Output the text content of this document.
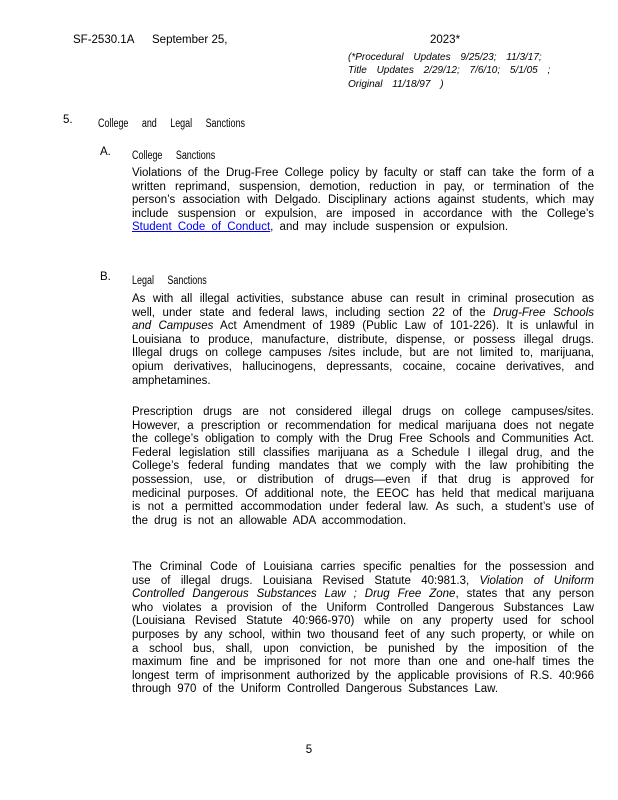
SF-2530.1A September 25,	2023*
(*Procedural Updates 9/25/23; 11/3/17;
Title Updates 2/29/12; 7/6/10; 5/1/05 ;
Original 11/18/97 )
5. College and Legal Sanctions
A. College Sanctions
Violations of the Drug-Free College policy by faculty or staff can take the form of a written reprimand, suspension, demotion, reduction in pay, or termination of the person’s association with Delgado. Disciplinary actions against students, which may include suspension or expulsion, are imposed in accordance with the College’s Student Code of Conduct, and may include suspension or expulsion.
B. Legal Sanctions
As with all illegal activities, substance abuse can result in criminal prosecution as well, under state and federal laws, including section 22 of the Drug-Free Schools and Campuses Act Amendment of 1989 (Public Law of 101-226). It is unlawful in Louisiana to produce, manufacture, distribute, dispense, or possess illegal drugs. Illegal drugs on college campuses /sites include, but are not limited to, marijuana, opium derivatives, hallucinogens, depressants, cocaine, cocaine derivatives, and amphetamines.
Prescription drugs are not considered illegal drugs on college campuses/sites. However, a prescription or recommendation for medical marijuana does not negate the college’s obligation to comply with the Drug Free Schools and Communities Act. Federal legislation still classifies marijuana as a Schedule I illegal drug, and the College’s federal funding mandates that we comply with the law prohibiting the possession, use, or distribution of drugs—even if that drug is approved for medicinal purposes. Of additional note, the EEOC has held that medical marijuana is not a permitted accommodation under federal law. As such, a student’s use of the drug is not an allowable ADA accommodation.
The Criminal Code of Louisiana carries specific penalties for the possession and use of illegal drugs. Louisiana Revised Statute 40:981.3, Violation of Uniform Controlled Dangerous Substances Law ; Drug Free Zone, states that any person who violates a provision of the Uniform Controlled Dangerous Substances Law (Louisiana Revised Statute 40:966-970) while on any property used for school purposes by any school, within two thousand feet of any such property, or while on a school bus, shall, upon conviction, be punished by the imposition of the maximum fine and be imprisoned for not more than one and one-half times the longest term of imprisonment authorized by the applicable provisions of R.S. 40:966 through 970 of the Uniform Controlled Dangerous Substances Law.
5
